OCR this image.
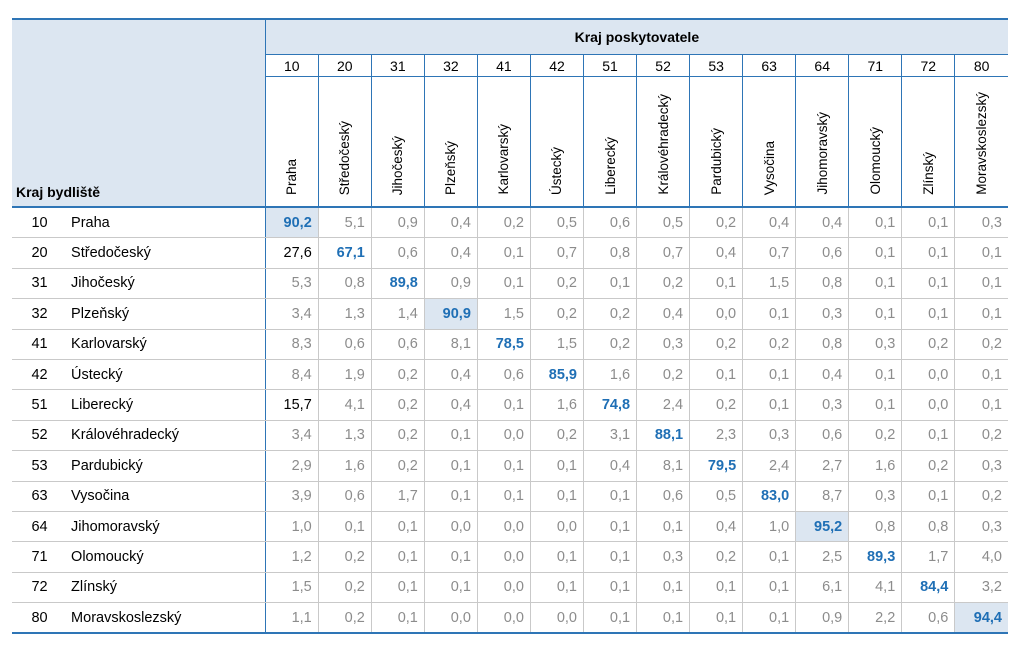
Kraj bydliště		Kraj poskytovatele													
		10	20	31	32	41	42	51	52	53	63	64	71	72	80
		Praha	Středočeský	Jihočeský	Plzeňský	Karlovarský	Ústecký	Liberecký	Královéhradecký	Pardubický	Vysočina	Jihomoravský	Olomoucký	Zlínský	Moravskoslezský
10	Praha	90,2	5,1	0,9	0,4	0,2	0,5	0,6	0,5	0,2	0,4	0,4	0,1	0,1	0,3
20	Středočeský	27,6	67,1	0,6	0,4	0,1	0,7	0,8	0,7	0,4	0,7	0,6	0,1	0,1	0,1
31	Jihočeský	5,3	0,8	89,8	0,9	0,1	0,2	0,1	0,2	0,1	1,5	0,8	0,1	0,1	0,1
32	Plzeňský	3,4	1,3	1,4	90,9	1,5	0,2	0,2	0,4	0,0	0,1	0,3	0,1	0,1	0,1
41	Karlovarský	8,3	0,6	0,6	8,1	78,5	1,5	0,2	0,3	0,2	0,2	0,8	0,3	0,2	0,2
42	Ústecký	8,4	1,9	0,2	0,4	0,6	85,9	1,6	0,2	0,1	0,1	0,4	0,1	0,0	0,1
51	Liberecký	15,7	4,1	0,2	0,4	0,1	1,6	74,8	2,4	0,2	0,1	0,3	0,1	0,0	0,1
52	Královéhradecký	3,4	1,3	0,2	0,1	0,0	0,2	3,1	88,1	2,3	0,3	0,6	0,2	0,1	0,2
53	Pardubický	2,9	1,6	0,2	0,1	0,1	0,1	0,4	8,1	79,5	2,4	2,7	1,6	0,2	0,3
63	Vysočina	3,9	0,6	1,7	0,1	0,1	0,1	0,1	0,6	0,5	83,0	8,7	0,3	0,1	0,2
64	Jihomoravský	1,0	0,1	0,1	0,0	0,0	0,0	0,1	0,1	0,4	1,0	95,2	0,8	0,8	0,3
71	Olomoucký	1,2	0,2	0,1	0,1	0,0	0,1	0,1	0,3	0,2	0,1	2,5	89,3	1,7	4,0
72	Zlínský	1,5	0,2	0,1	0,1	0,0	0,1	0,1	0,1	0,1	0,1	6,1	4,1	84,4	3,2
80	Moravskoslezský	1,1	0,2	0,1	0,0	0,0	0,0	0,1	0,1	0,1	0,1	0,9	2,2	0,6	94,4
